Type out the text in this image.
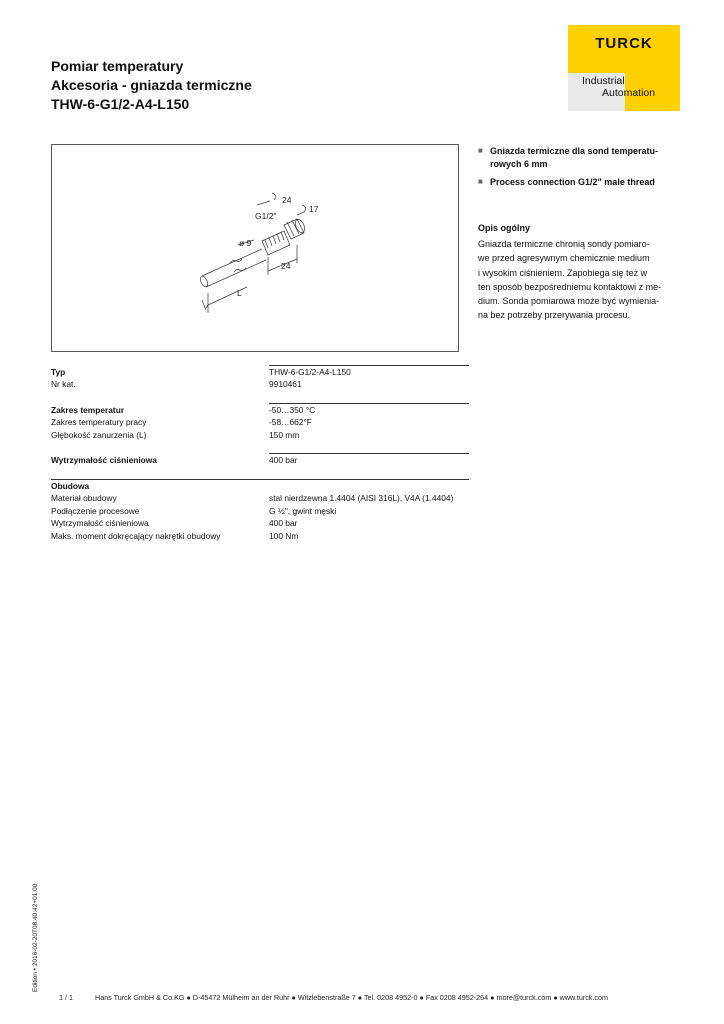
Pomiar temperatury
Akcesoria - gniazda termiczne
THW-6-G1/2-A4-L150
TURCK
Industrial
Automation
24
17
G1/2"
ø 9
24
L
■ Gniazda termiczne dla sond temperatu-
rowych 6 mm
■ Process connection G1/2" male thread
Opis ogólny
Gniazda termiczne chronią sondy pomiaro-
we przed agresywnym chemicznie medium
i wysokim ciśnieniem. Zapobiega się też w
ten sposób bezpośredniemu kontaktowi z me-
dium. Sonda pomiarowa może być wymienia-
na bez potrzeby przerywania procesu.
Typ	THW-6-G1/2-A4-L150
Nr kat.	9910461
Zakres temperatur	-50…350 °C
Zakres temperatury pracy	-58…662°F
Głębokość zanurzenia (L)	150 mm
Wytrzymałość ciśnieniowa	400 bar
Obudowa
Materiał obudowy	stal nierdzewna 1.4404 (AISI 316L), V4A (1.4404)
Podłączenie procesowe	G ½", gwint męski
Wytrzymałość ciśnieniowa	400 bar
Maks. moment dokręcający nakrętki obudowy	100 Nm
Edition • 2016-02-20T08:40:42+01:00
1 / 1	Hans Turck GmbH & Co.KG ● D-45472 Mülheim an der Ruhr ● Witzlebenstraße 7 ● Tel. 0208 4952-0 ● Fax 0208 4952-264 ● more@turck.com ● www.turck.com
